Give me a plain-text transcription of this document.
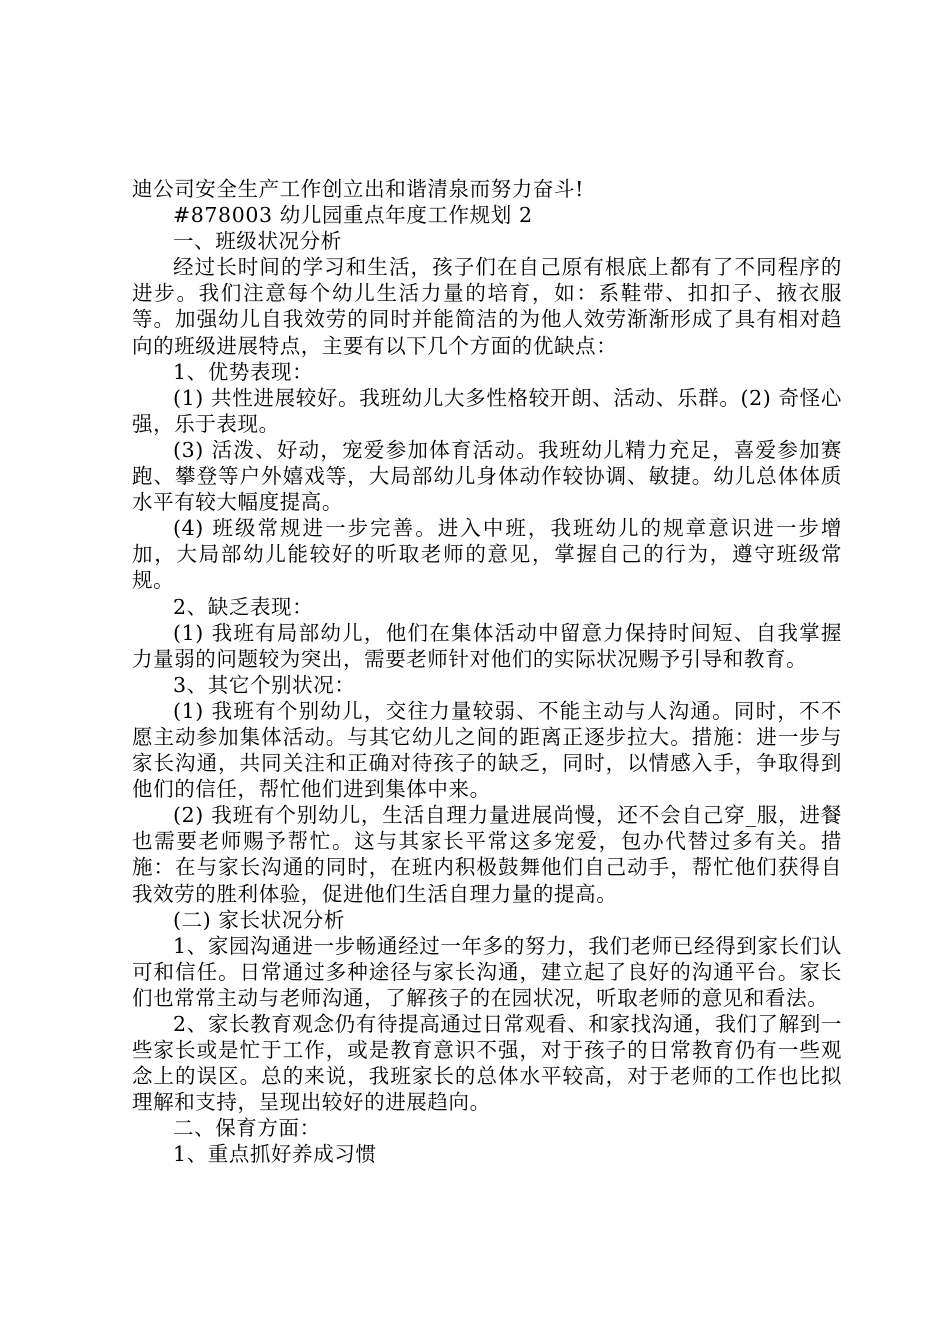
迪公司安全生产工作创立出和谐清泉而努力奋斗!

#878003 幼儿园重点年度工作规划 2

一、班级状况分析

经过长时间的学习和生活，孩子们在自己原有根底上都有了不同程序的进步。我们注意每个幼儿生活力量的培育，如：系鞋带、扣扣子、掖衣服等。加强幼儿自我效劳的同时并能简洁的为他人效劳渐渐形成了具有相对趋向的班级进展特点，主要有以下几个方面的优缺点：

1、优势表现：

(1) 共性进展较好。我班幼儿大多性格较开朗、活动、乐群。(2) 奇怪心强，乐于表现。

(3) 活泼、好动，宠爱参加体育活动。我班幼儿精力充足，喜爱参加赛跑、攀登等户外嬉戏等，大局部幼儿身体动作较协调、敏捷。幼儿总体体质水平有较大幅度提高。

(4) 班级常规进一步完善。进入中班，我班幼儿的规章意识进一步增加，大局部幼儿能较好的听取老师的意见，掌握自己的行为，遵守班级常规。

2、缺乏表现：

(1) 我班有局部幼儿，他们在集体活动中留意力保持时间短、自我掌握力量弱的问题较为突出，需要老师针对他们的实际状况赐予引导和教育。

3、其它个别状况：

(1) 我班有个别幼儿，交往力量较弱、不能主动与人沟通。同时，不不愿主动参加集体活动。与其它幼儿之间的距离正逐步拉大。措施：进一步与家长沟通，共同关注和正确对待孩子的缺乏，同时，以情感入手，争取得到他们的信任，帮忙他们进到集体中来。

(2) 我班有个别幼儿，生活自理力量进展尚慢，还不会自己穿_服，进餐也需要老师赐予帮忙。这与其家长平常这多宠爱，包办代替过多有关。措施：在与家长沟通的同时，在班内积极鼓舞他们自己动手，帮忙他们获得自我效劳的胜利体验，促进他们生活自理力量的提高。

(二) 家长状况分析

1、家园沟通进一步畅通经过一年多的努力，我们老师已经得到家长们认可和信任。日常通过多种途径与家长沟通，建立起了良好的沟通平台。家长们也常常主动与老师沟通，了解孩子的在园状况，听取老师的意见和看法。

2、家长教育观念仍有待提高通过日常观看、和家找沟通，我们了解到一些家长或是忙于工作，或是教育意识不强，对于孩子的日常教育仍有一些观念上的误区。总的来说，我班家长的总体水平较高，对于老师的工作也比拟理解和支持，呈现出较好的进展趋向。

二、保育方面：

1、重点抓好养成习惯
